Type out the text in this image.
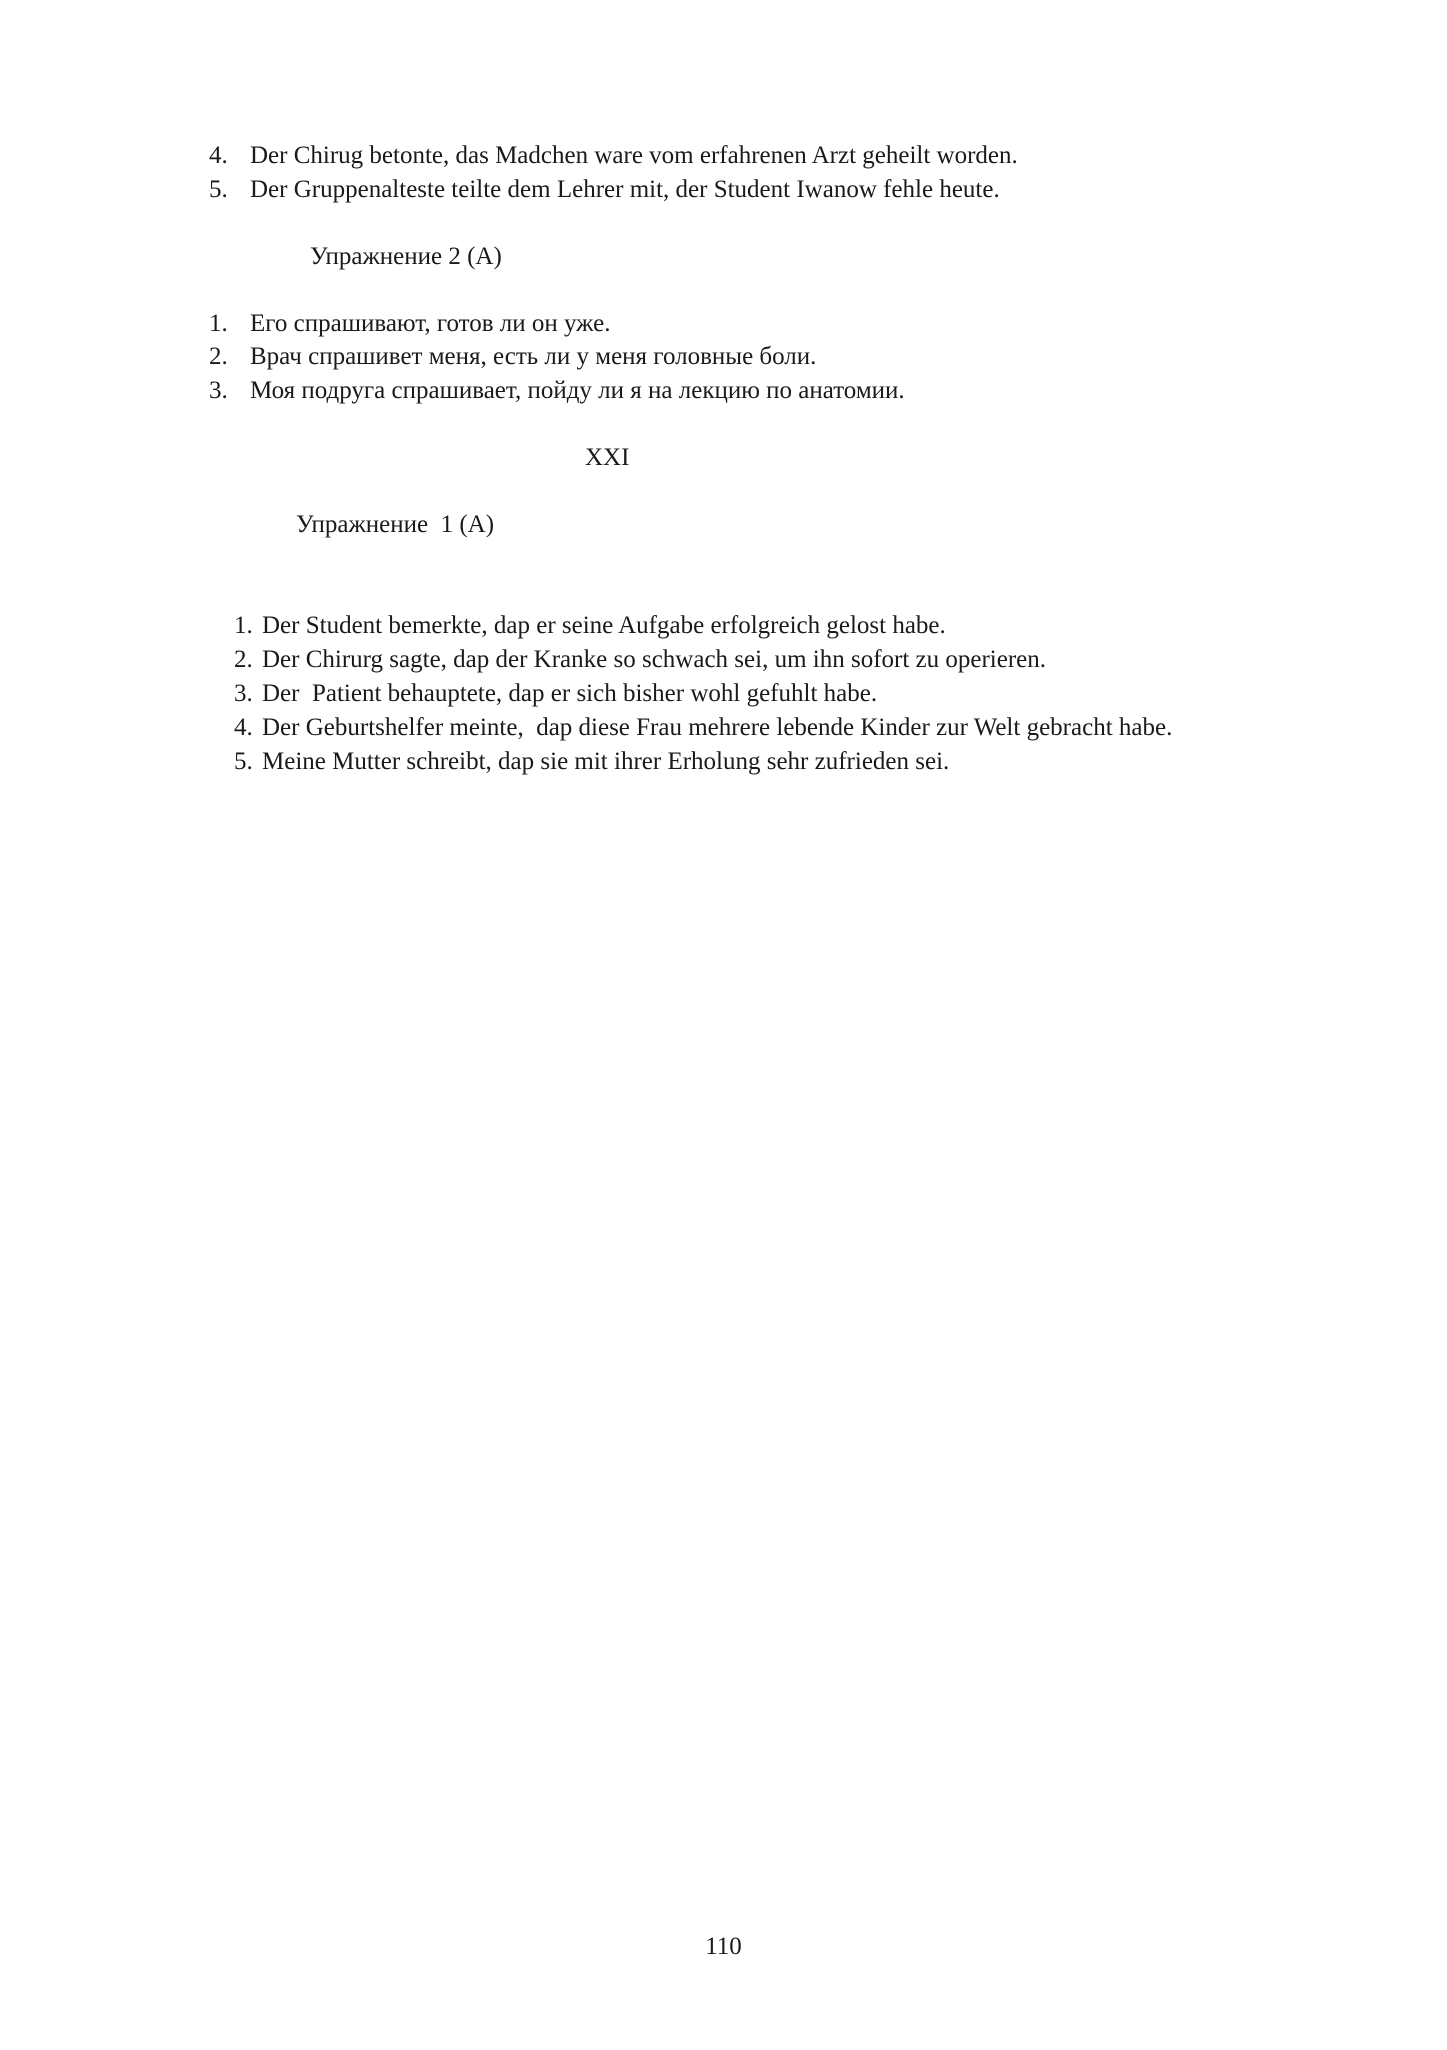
4. Der Chirug betonte, das Madchen ware vom erfahrenen Arzt geheilt worden.
5. Der Gruppenalteste teilte dem Lehrer mit, der Student Iwanow fehle heute.
Упражнение 2 (А)
1. Его спрашивают, готов ли он уже.
2. Врач спрашивет меня, есть ли у меня головные боли.
3. Моя подруга спрашивает, пойду ли я на лекцию по анатомии.
XXI
Упражнение  1 (А)

1. Der Student bemerkte, dap er seine Aufgabe erfolgreich gelost habe.

2. Der Chirurg sagte, dap der Kranke so schwach sei, um ihn sofort zu operieren.

3. Der  Patient behauptete, dap er sich bisher wohl gefuhlt habe.

4. Der Geburtshelfer meinte,  dap diese Frau mehrere lebende Kinder zur Welt gebracht habe.

5. Meine Mutter schreibt, dap sie mit ihrer Erholung sehr zufrieden sei.

110
